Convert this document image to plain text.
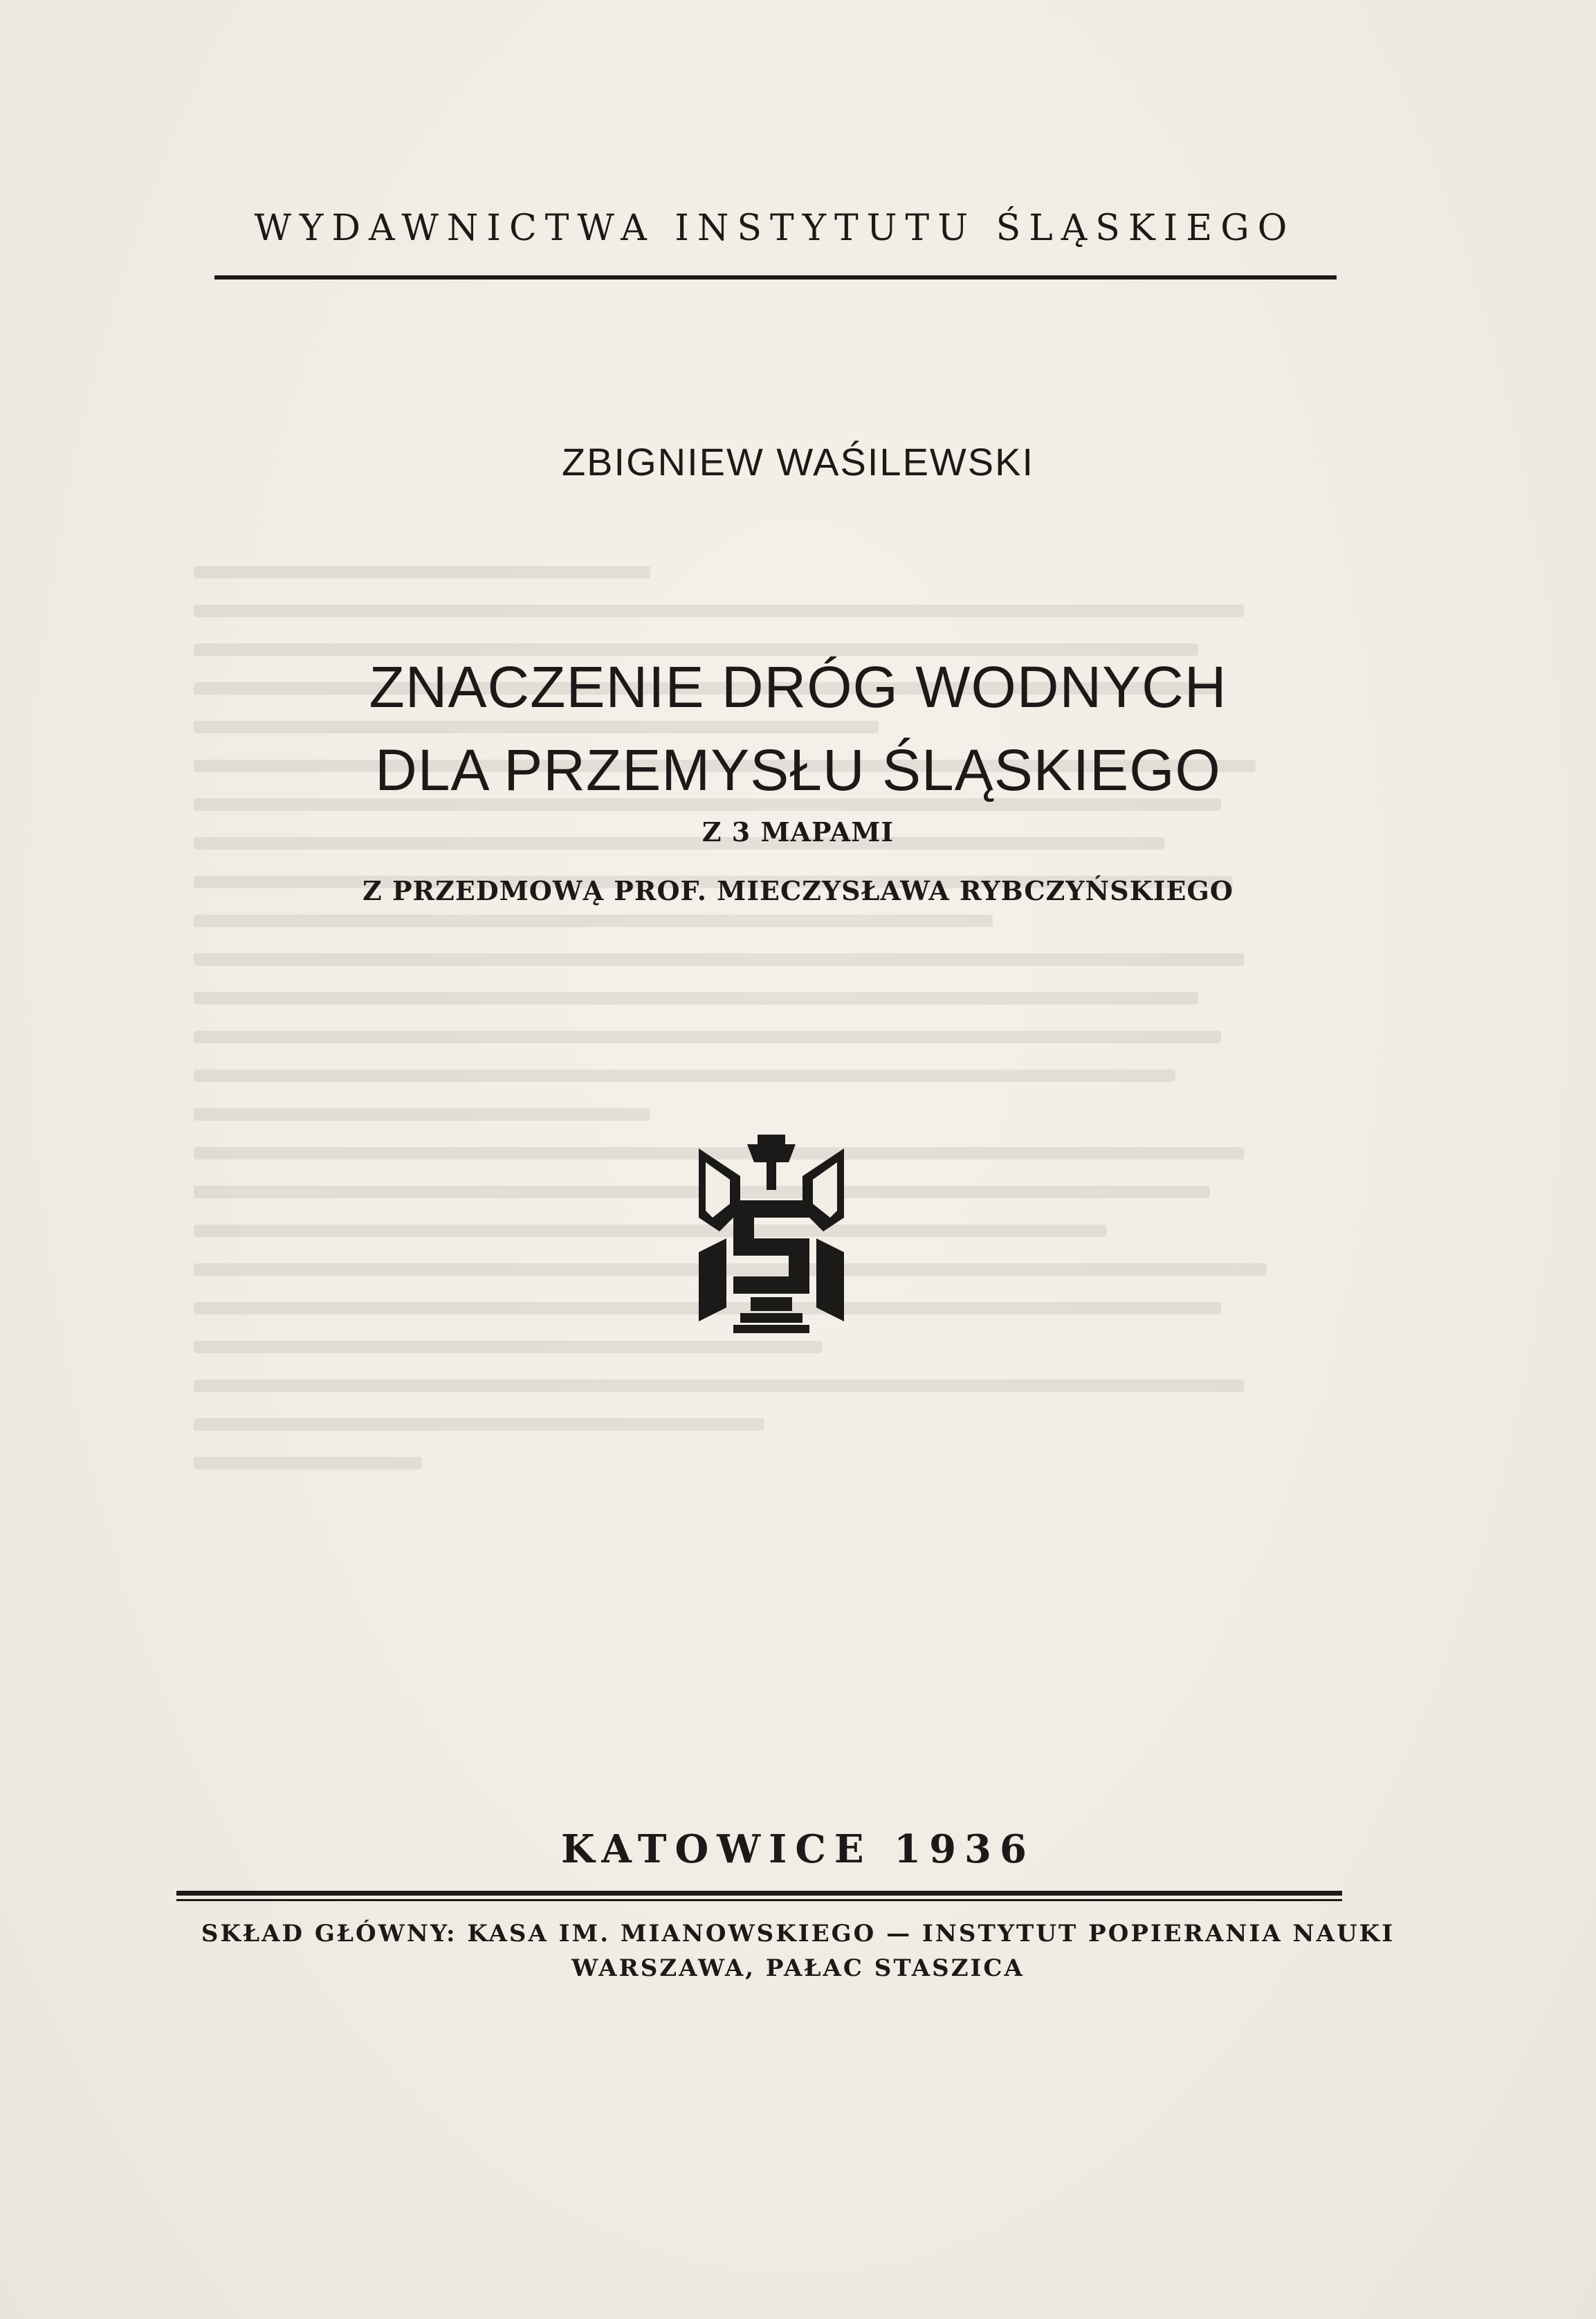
WYDAWNICTWA INSTYTUTU ŚLĄSKIEGO
ZBIGNIEW WAŚILEWSKI
ZNACZENIE DRÓG WODNYCH
DLA PRZEMYSŁU ŚLĄSKIEGO
Z 3 MAPAMI
Z PRZEDMOWĄ PROF. MIECZYSŁAWA RYBCZYŃSKIEGO
KATOWICE 1936
SKŁAD GŁÓWNY: KASA IM. MIANOWSKIEGO — INSTYTUT POPIERANIA NAUKI
WARSZAWA, PAŁAC STASZICA
